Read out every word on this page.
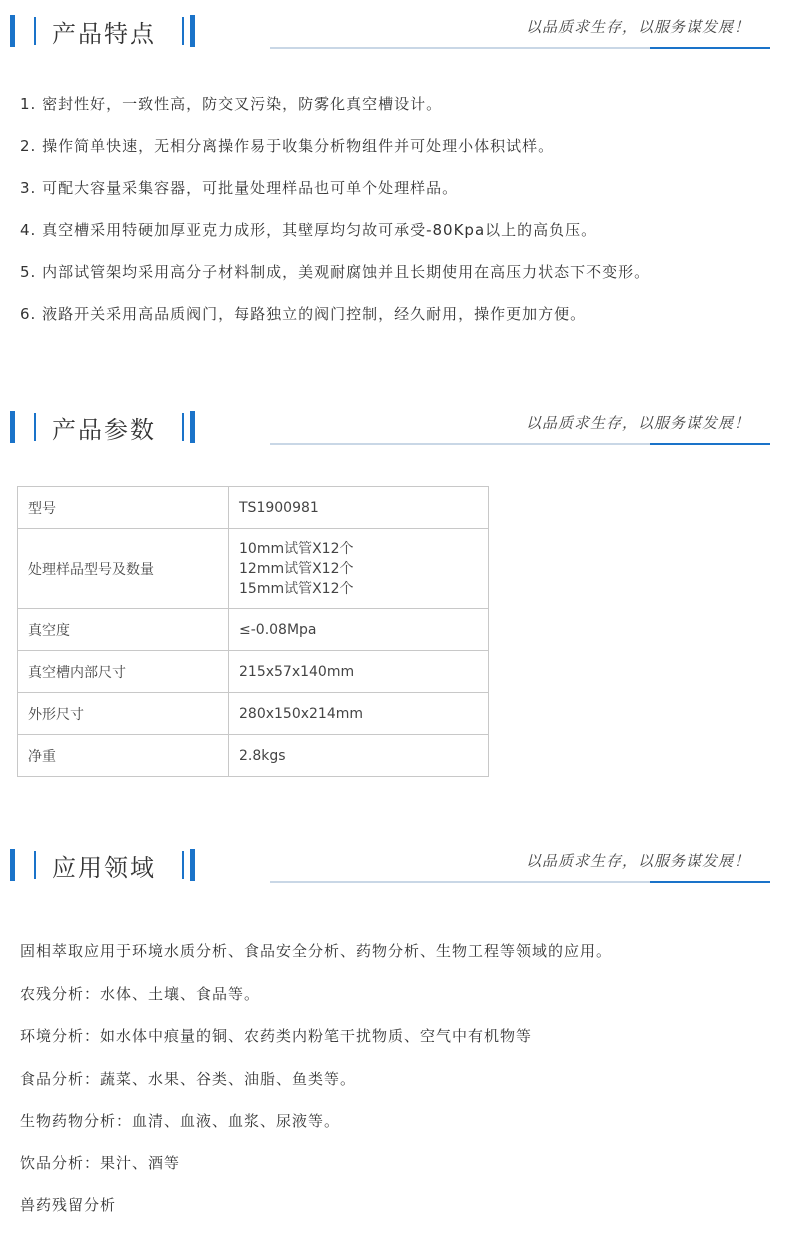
产品特点	以品质求生存，以服务谋发展！
1. 密封性好，一致性高，防交叉污染，防雾化真空槽设计。
2. 操作简单快速，无相分离操作易于收集分析物组件并可处理小体积试样。
3. 可配大容量采集容器，可批量处理样品也可单个处理样品。
4. 真空槽采用特硬加厚亚克力成形，其壁厚均匀故可承受-80Kpa以上的高负压。
5. 内部试管架均采用高分子材料制成，美观耐腐蚀并且长期使用在高压力状态下不变形。
6. 液路开关采用高品质阀门，每路独立的阀门控制，经久耐用，操作更加方便。
产品参数	以品质求生存，以服务谋发展！
型号	TS1900981
处理样品型号及数量	10mm试管X12个
12mm试管X12个
15mm试管X12个

真空度	≤-0.08Mpa
真空槽内部尺寸	215x57x140mm
外形尺寸	280x150x214mm
净重	2.8kgs
应用领域	以品质求生存，以服务谋发展！
固相萃取应用于环境水质分析、食品安全分析、药物分析、生物工程等领域的应用。
农残分析：水体、土壤、食品等。
环境分析：如水体中痕量的铜、农药类内粉笔干扰物质、空气中有机物等
食品分析：蔬菜、水果、谷类、油脂、鱼类等。
生物药物分析：血清、血液、血浆、尿液等。
饮品分析：果汁、酒等
兽药残留分析
